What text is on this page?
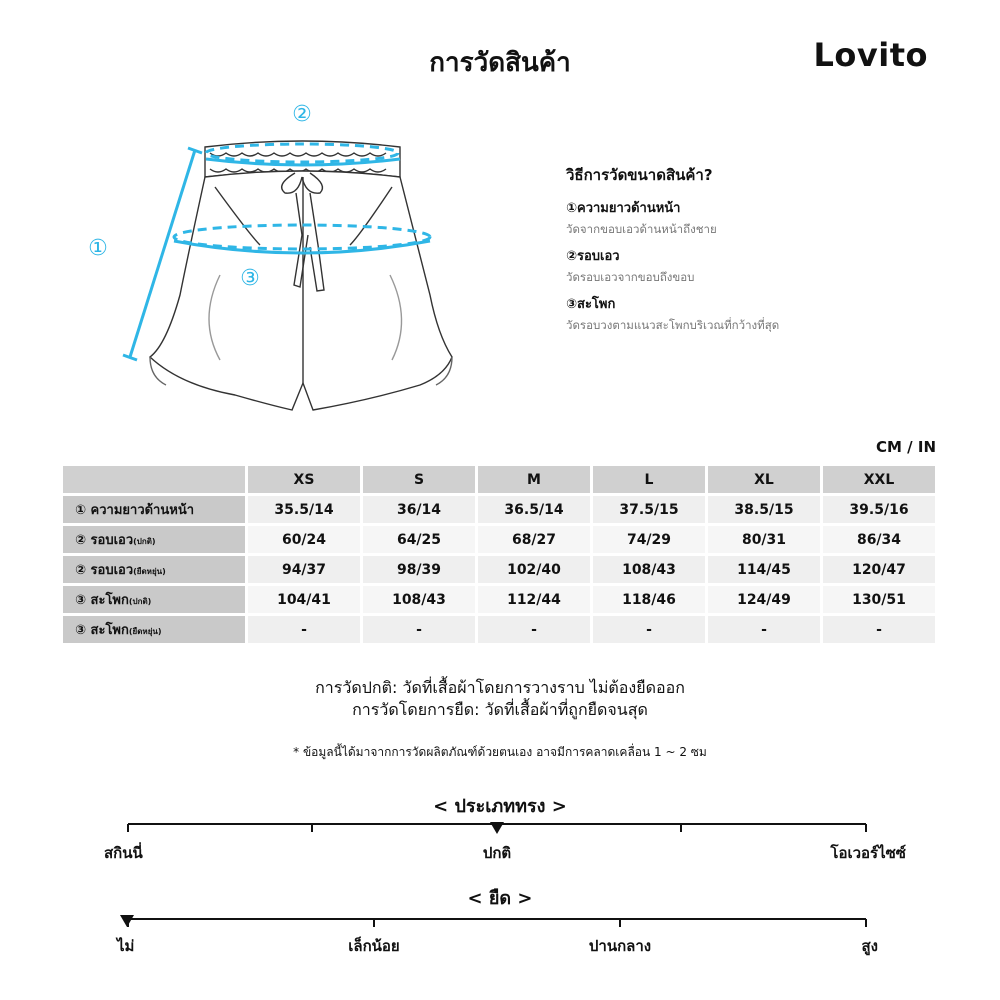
การวัดสินค้า	Lovito
②
①
③
วิธีการวัดขนาดสินค้า?
①ความยาวด้านหน้า
วัดจากขอบเอวด้านหน้าถึงชาย
②รอบเอว
วัดรอบเอวจากขอบถึงขอบ
③สะโพก
วัดรอบวงตามแนวสะโพกบริเวณที่กว้างที่สุด
CM / IN
	XS	S	M	L	XL	XXL
① ความยาวด้านหน้า	35.5/14	36/14	36.5/14	37.5/15	38.5/15	39.5/16
② รอบเอว(ปกติ)	60/24	64/25	68/27	74/29	80/31	86/34
② รอบเอว(ยืดหยุ่น)	94/37	98/39	102/40	108/43	114/45	120/47
③ สะโพก(ปกติ)	104/41	108/43	112/44	118/46	124/49	130/51
③ สะโพก(ยืดหยุ่น)	-	-	-	-	-	-
การวัดปกติ: วัดที่เสื้อผ้าโดยการวางราบ ไม่ต้องยืดออก
การวัดโดยการยืด: วัดที่เสื้อผ้าที่ถูกยืดจนสุด
* ข้อมูลนี้ได้มาจากการวัดผลิตภัณฑ์ด้วยตนเอง อาจมีการคลาดเคลื่อน 1 ~ 2 ซม
< ประเภททรง >
สกินนี่	ปกติ	โอเวอร์ไซซ์
< ยืด >
ไม่	เล็กน้อย	ปานกลาง	สูง
